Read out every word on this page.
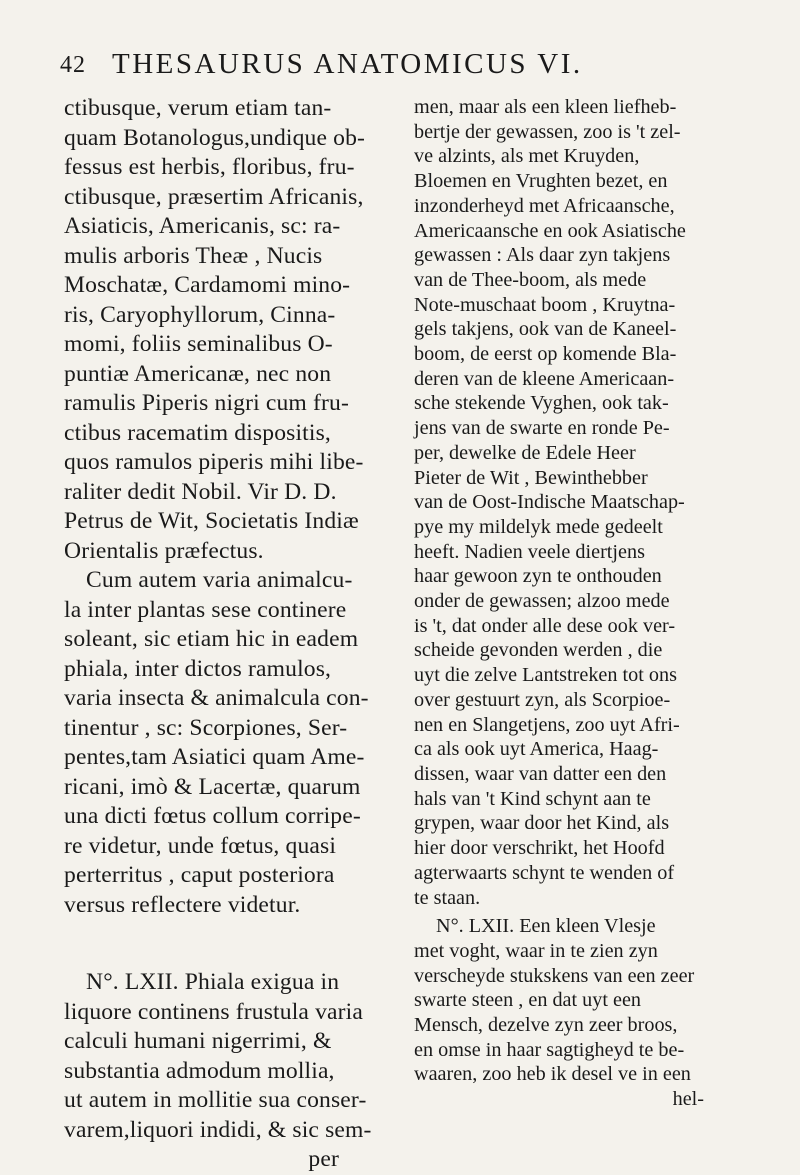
42 THESAURUS ANATOMICUS VI.
ctibusque, verum etiam tan-
quam Botanologus,undique ob-
fessus est herbis, floribus, fru-
ctibusque, præsertim Africanis,
Asiaticis, Americanis, sc: ra-
mulis arboris Theæ , Nucis
Moschatæ, Cardamomi mino-
ris, Caryophyllorum, Cinna-
momi, foliis seminalibus O-
puntiæ Americanæ, nec non
ramulis Piperis nigri cum fru-
ctibus racematim dispositis,
quos ramulos piperis mihi libe-
raliter dedit Nobil. Vir D. D.
Petrus de Wit, Societatis Indiæ
Orientalis præfectus.
Cum autem varia animalcu-
la inter plantas sese continere
soleant, sic etiam hic in eadem
phiala, inter dictos ramulos,
varia insecta & animalcula con-
tinentur , sc: Scorpiones, Ser-
pentes,tam Asiatici quam Ame-
ricani, imò & Lacertæ, quarum
una dicti fœtus collum corripe-
re videtur, unde fœtus, quasi
perterritus , caput posteriora
versus reflectere videtur.
N°. LXII. Phiala exigua in
liquore continens frustula varia
calculi humani nigerrimi, &
substantia admodum mollia,
ut autem in mollitie sua conser-
varem,liquori indidi, & sic sem-
per
men, maar als een kleen liefheb-
bertje der gewassen, zoo is 't zel-
ve alzints, als met Kruyden,
Bloemen en Vrughten bezet, en
inzonderheyd met Africaansche,
Americaansche en ook Asiatische
gewassen : Als daar zyn takjens
van de Thee-boom, als mede
Note-muschaat boom , Kruytna-
gels takjens, ook van de Kaneel-
boom, de eerst op komende Bla-
deren van de kleene Americaan-
sche stekende Vyghen, ook tak-
jens van de swarte en ronde Pe-
per, dewelke de Edele Heer
Pieter de Wit , Bewinthebber
van de Oost-Indische Maatschap-
pye my mildelyk mede gedeelt
heeft. Nadien veele diertjens
haar gewoon zyn te onthouden
onder de gewassen; alzoo mede
is 't, dat onder alle dese ook ver-
scheide gevonden werden , die
uyt die zelve Lantstreken tot ons
over gestuurt zyn, als Scorpioe-
nen en Slangetjens, zoo uyt Afri-
ca als ook uyt America, Haag-
dissen, waar van datter een den
hals van 't Kind schynt aan te
grypen, waar door het Kind, als
hier door verschrikt, het Hoofd
agterwaarts schynt te wenden of
te staan.
N°. LXII. Een kleen Vlesje
met voght, waar in te zien zyn
verscheyde stukskens van een zeer
swarte steen , en dat uyt een
Mensch, dezelve zyn zeer broos,
en omse in haar sagtigheyd te be-
waaren, zoo heb ik desel ve in een
hel-
